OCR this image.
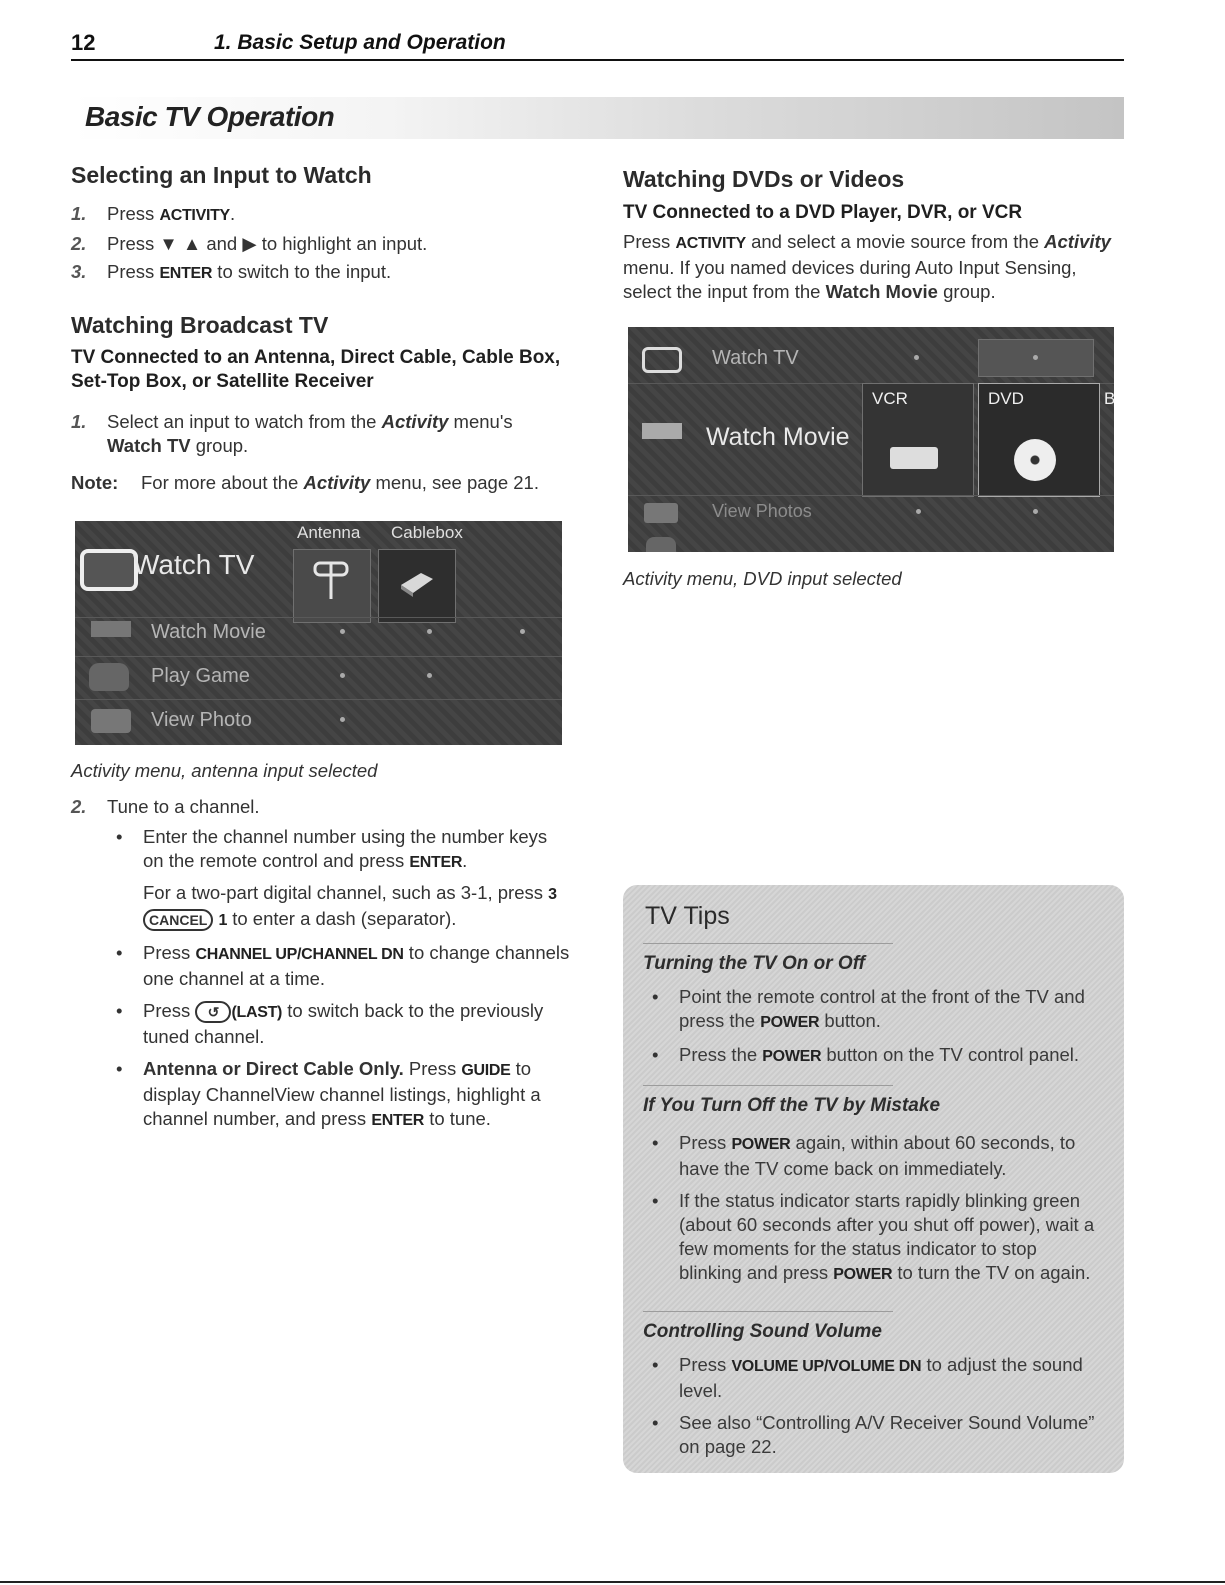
12	1. Basic Setup and Operation
Basic TV Operation
Selecting an Input to Watch
1. Press ACTIVITY.
2. Press ▼ ▲ and ▶ to highlight an input.
3. Press ENTER to switch to the input.
Watching Broadcast TV
TV Connected to an Antenna, Direct Cable, Cable Box, Set-Top Box, or Satellite Receiver
1. Select an input to watch from the Activity menu's Watch TV group.
Note: For more about the Activity menu, see page 21.
Antenna Cablebox
Watch TV
Watch Movie
Play Game
View Photo
Activity menu, antenna input selected
2. Tune to a channel.
• Enter the channel number using the number keys on the remote control and press ENTER.
For a two-part digital channel, such as 3-1, press 3 CANCEL 1 to enter a dash (separator).
• Press CHANNEL UP/CHANNEL DN to change channels one channel at a time.
• Press ↺ (LAST) to switch back to the previously tuned channel.
• Antenna or Direct Cable Only. Press GUIDE to display ChannelView channel listings, highlight a channel number, and press ENTER to tune.
Watching DVDs or Videos
TV Connected to a DVD Player, DVR, or VCR
Press ACTIVITY and select a movie source from the Activity menu. If you named devices during Auto Input Sensing, select the input from the Watch Movie group.
Watch TV
VCR	DVD	B
Watch Movie
View Photos
Activity menu, DVD input selected
TV Tips
Turning the TV On or Off
• Point the remote control at the front of the TV and press the POWER button.
• Press the POWER button on the TV control panel.
If You Turn Off the TV by Mistake
• Press POWER again, within about 60 seconds, to have the TV come back on immediately.
• If the status indicator starts rapidly blinking green (about 60 seconds after you shut off power), wait a few moments for the status indicator to stop blinking and press POWER to turn the TV on again.
Controlling Sound Volume
• Press VOLUME UP/VOLUME DN to adjust the sound level.
• See also “Controlling A/V Receiver Sound Volume” on page 22.
